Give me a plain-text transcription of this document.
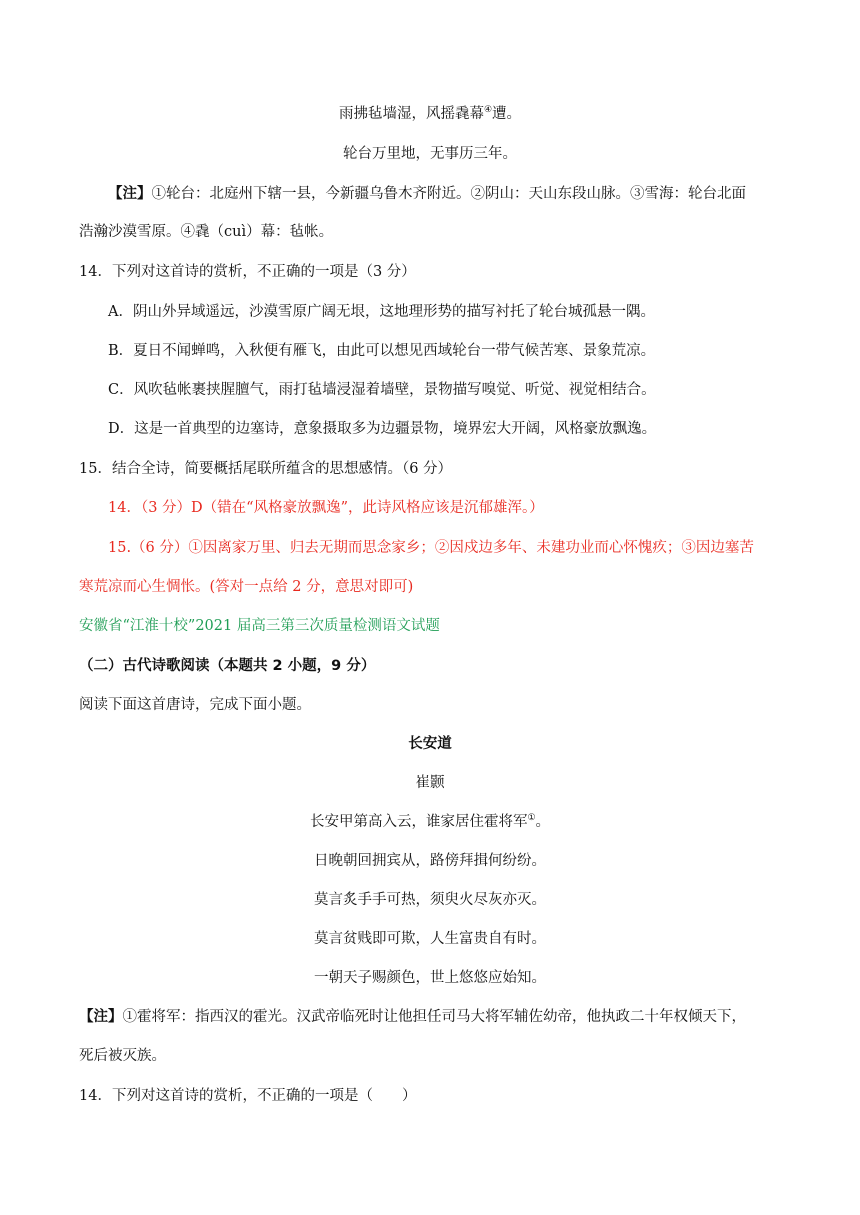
雨拂毡墙湿，风摇毳幕④遭。
轮台万里地，无事历三年。
【注】①轮台：北庭州下辖一县，今新疆乌鲁木齐附近。②阴山：天山东段山脉。③雪海：轮台北面
浩瀚沙漠雪原。④毳（cuì）幕：毡帐。
14．下列对这首诗的赏析，不正确的一项是（3 分）
A．阴山外异域遥远，沙漠雪原广阔无垠，这地理形势的描写衬托了轮台城孤悬一隅。
B．夏日不闻蝉鸣，入秋便有雁飞，由此可以想见西域轮台一带气候苦寒、景象荒凉。
C．风吹毡帐裹挟腥膻气，雨打毡墙浸湿着墙壁，景物描写嗅觉、听觉、视觉相结合。
D．这是一首典型的边塞诗，意象摄取多为边疆景物，境界宏大开阔，风格豪放飘逸。
15．结合全诗，简要概括尾联所蕴含的思想感情。（6 分）
14．（3 分）D（错在“风格豪放飘逸”，此诗风格应该是沉郁雄浑。）
15.（6 分）①因离家万里、归去无期而思念家乡；②因戍边多年、未建功业而心怀愧疚；③因边塞苦
寒荒凉而心生惆怅。(答对一点给 2 分，意思对即可)
安徽省“江淮十校”2021 届高三第三次质量检测语文试题
（二）古代诗歌阅读（本题共 2 小题，9 分）
阅读下面这首唐诗，完成下面小题。
长安道
崔颢
长安甲第高入云，谁家居住霍将军①。
日晚朝回拥宾从，路傍拜揖何纷纷。
莫言炙手手可热，须臾火尽灰亦灭。
莫言贫贱即可欺，人生富贵自有时。
一朝天子赐颜色，世上悠悠应始知。
【注】①霍将军：指西汉的霍光。汉武帝临死时让他担任司马大将军辅佐幼帝，他执政二十年权倾天下，
死后被灭族。
14．下列对这首诗的赏析，不正确的一项是（　　）
